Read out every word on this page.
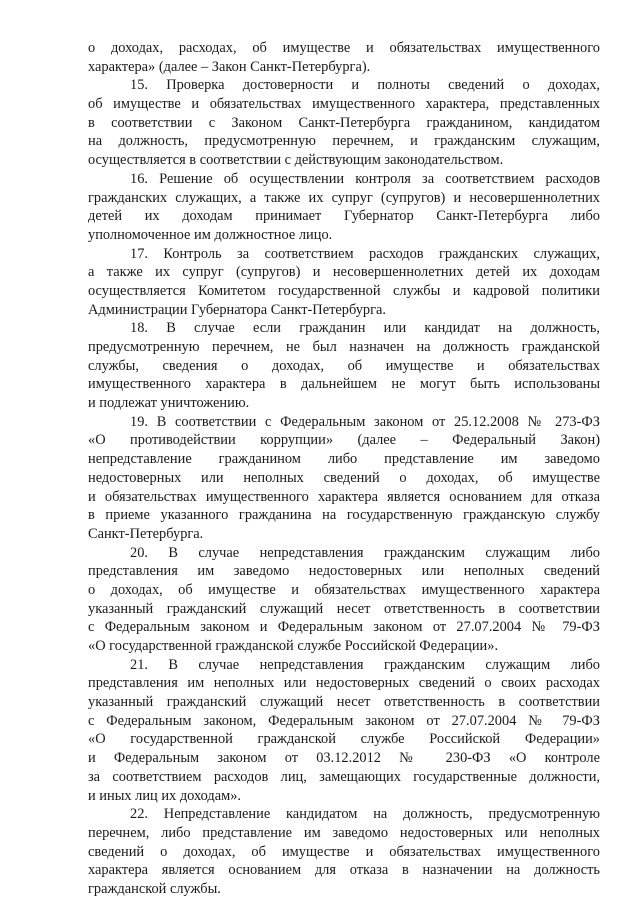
о доходах, расходах, об имуществе и обязательствах имущественного
характера» (далее – Закон Санкт-Петербурга).
15. Проверка достоверности и полноты сведений о доходах,
об имуществе и обязательствах имущественного характера, представленных
в соответствии с Законом Санкт-Петербурга гражданином, кандидатом
на должность, предусмотренную перечнем, и гражданским служащим,
осуществляется в соответствии с действующим законодательством.
16. Решение об осуществлении контроля за соответствием расходов
гражданских служащих, а также их супруг (супругов) и несовершеннолетних
детей их доходам принимает Губернатор Санкт-Петербурга либо
уполномоченное им должностное лицо.
17. Контроль за соответствием расходов гражданских служащих,
а также их супруг (супругов) и несовершеннолетних детей их доходам
осуществляется Комитетом государственной службы и кадровой политики
Администрации Губернатора Санкт-Петербурга.
18. В случае если гражданин или кандидат на должность,
предусмотренную перечнем, не был назначен на должность гражданской
службы, сведения о доходах, об имуществе и обязательствах
имущественного характера в дальнейшем не могут быть использованы
и подлежат уничтожению.
19. В соответствии с Федеральным законом от 25.12.2008 № 273-ФЗ
«О противодействии коррупции» (далее – Федеральный Закон)
непредставление гражданином либо представление им заведомо
недостоверных или неполных сведений о доходах, об имуществе
и обязательствах имущественного характера является основанием для отказа
в приеме указанного гражданина на государственную гражданскую службу
Санкт-Петербурга.
20. В случае непредставления гражданским служащим либо
представления им заведомо недостоверных или неполных сведений
о доходах, об имуществе и обязательствах имущественного характера
указанный гражданский служащий несет ответственность в соответствии
с Федеральным законом и Федеральным законом от 27.07.2004 № 79-ФЗ
«О государственной гражданской службе Российской Федерации».
21. В случае непредставления гражданским служащим либо
представления им неполных или недостоверных сведений о своих расходах
указанный гражданский служащий несет ответственность в соответствии
с Федеральным законом, Федеральным законом от 27.07.2004 № 79-ФЗ
«О государственной гражданской службе Российской Федерации»
и Федеральным законом от 03.12.2012 № 230-ФЗ «О контроле
за соответствием расходов лиц, замещающих государственные должности,
и иных лиц их доходам».
22. Непредставление кандидатом на должность, предусмотренную
перечнем, либо представление им заведомо недостоверных или неполных
сведений о доходах, об имуществе и обязательствах имущественного
характера является основанием для отказа в назначении на должность
гражданской службы.
